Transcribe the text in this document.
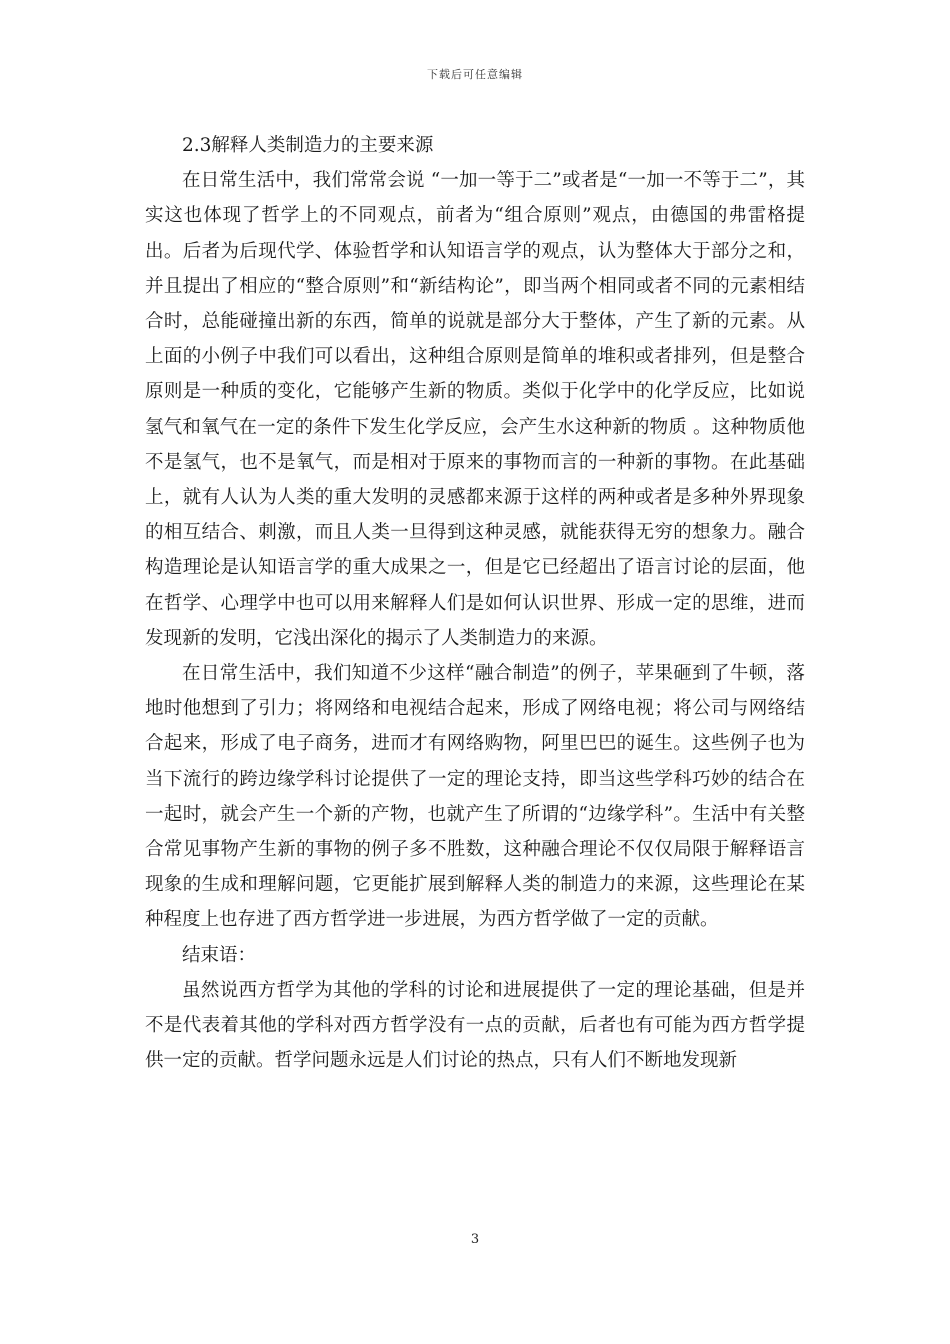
下载后可任意编辑

2.3解释人类制造力的主要来源

在日常生活中，我们常常会说 “一加一等于二”或者是“一加一不等于二”，其实这也体现了哲学上的不同观点，前者为“组合原则”观点，由德国的弗雷格提出。后者为后现代学、体验哲学和认知语言学的观点，认为整体大于部分之和，并且提出了相应的“整合原则”和“新结构论”，即当两个相同或者不同的元素相结合时，总能碰撞出新的东西，简单的说就是部分大于整体，产生了新的元素。从上面的小例子中我们可以看出，这种组合原则是简单的堆积或者排列，但是整合原则是一种质的变化，它能够产生新的物质。类似于化学中的化学反应，比如说氢气和氧气在一定的条件下发生化学反应，会产生水这种新的物质 。这种物质他不是氢气，也不是氧气，而是相对于原来的事物而言的一种新的事物。在此基础上，就有人认为人类的重大发明的灵感都来源于这样的两种或者是多种外界现象的相互结合、刺激，而且人类一旦得到这种灵感，就能获得无穷的想象力。融合构造理论是认知语言学的重大成果之一，但是它已经超出了语言讨论的层面，他在哲学、心理学中也可以用来解释人们是如何认识世界、形成一定的思维，进而发现新的发明，它浅出深化的揭示了人类制造力的来源。

在日常生活中，我们知道不少这样“融合制造”的例子，苹果砸到了牛顿，落地时他想到了引力；将网络和电视结合起来，形成了网络电视；将公司与网络结合起来，形成了电子商务，进而才有网络购物，阿里巴巴的诞生。这些例子也为当下流行的跨边缘学科讨论提供了一定的理论支持，即当这些学科巧妙的结合在一起时，就会产生一个新的产物，也就产生了所谓的“边缘学科”。生活中有关整合常见事物产生新的事物的例子多不胜数，这种融合理论不仅仅局限于解释语言现象的生成和理解问题，它更能扩展到解释人类的制造力的来源，这些理论在某种程度上也存进了西方哲学进一步进展，为西方哲学做了一定的贡献。

结束语：

虽然说西方哲学为其他的学科的讨论和进展提供了一定的理论基础，但是并不是代表着其他的学科对西方哲学没有一点的贡献，后者也有可能为西方哲学提供一定的贡献。哲学问题永远是人们讨论的热点，只有人们不断地发现新

3
